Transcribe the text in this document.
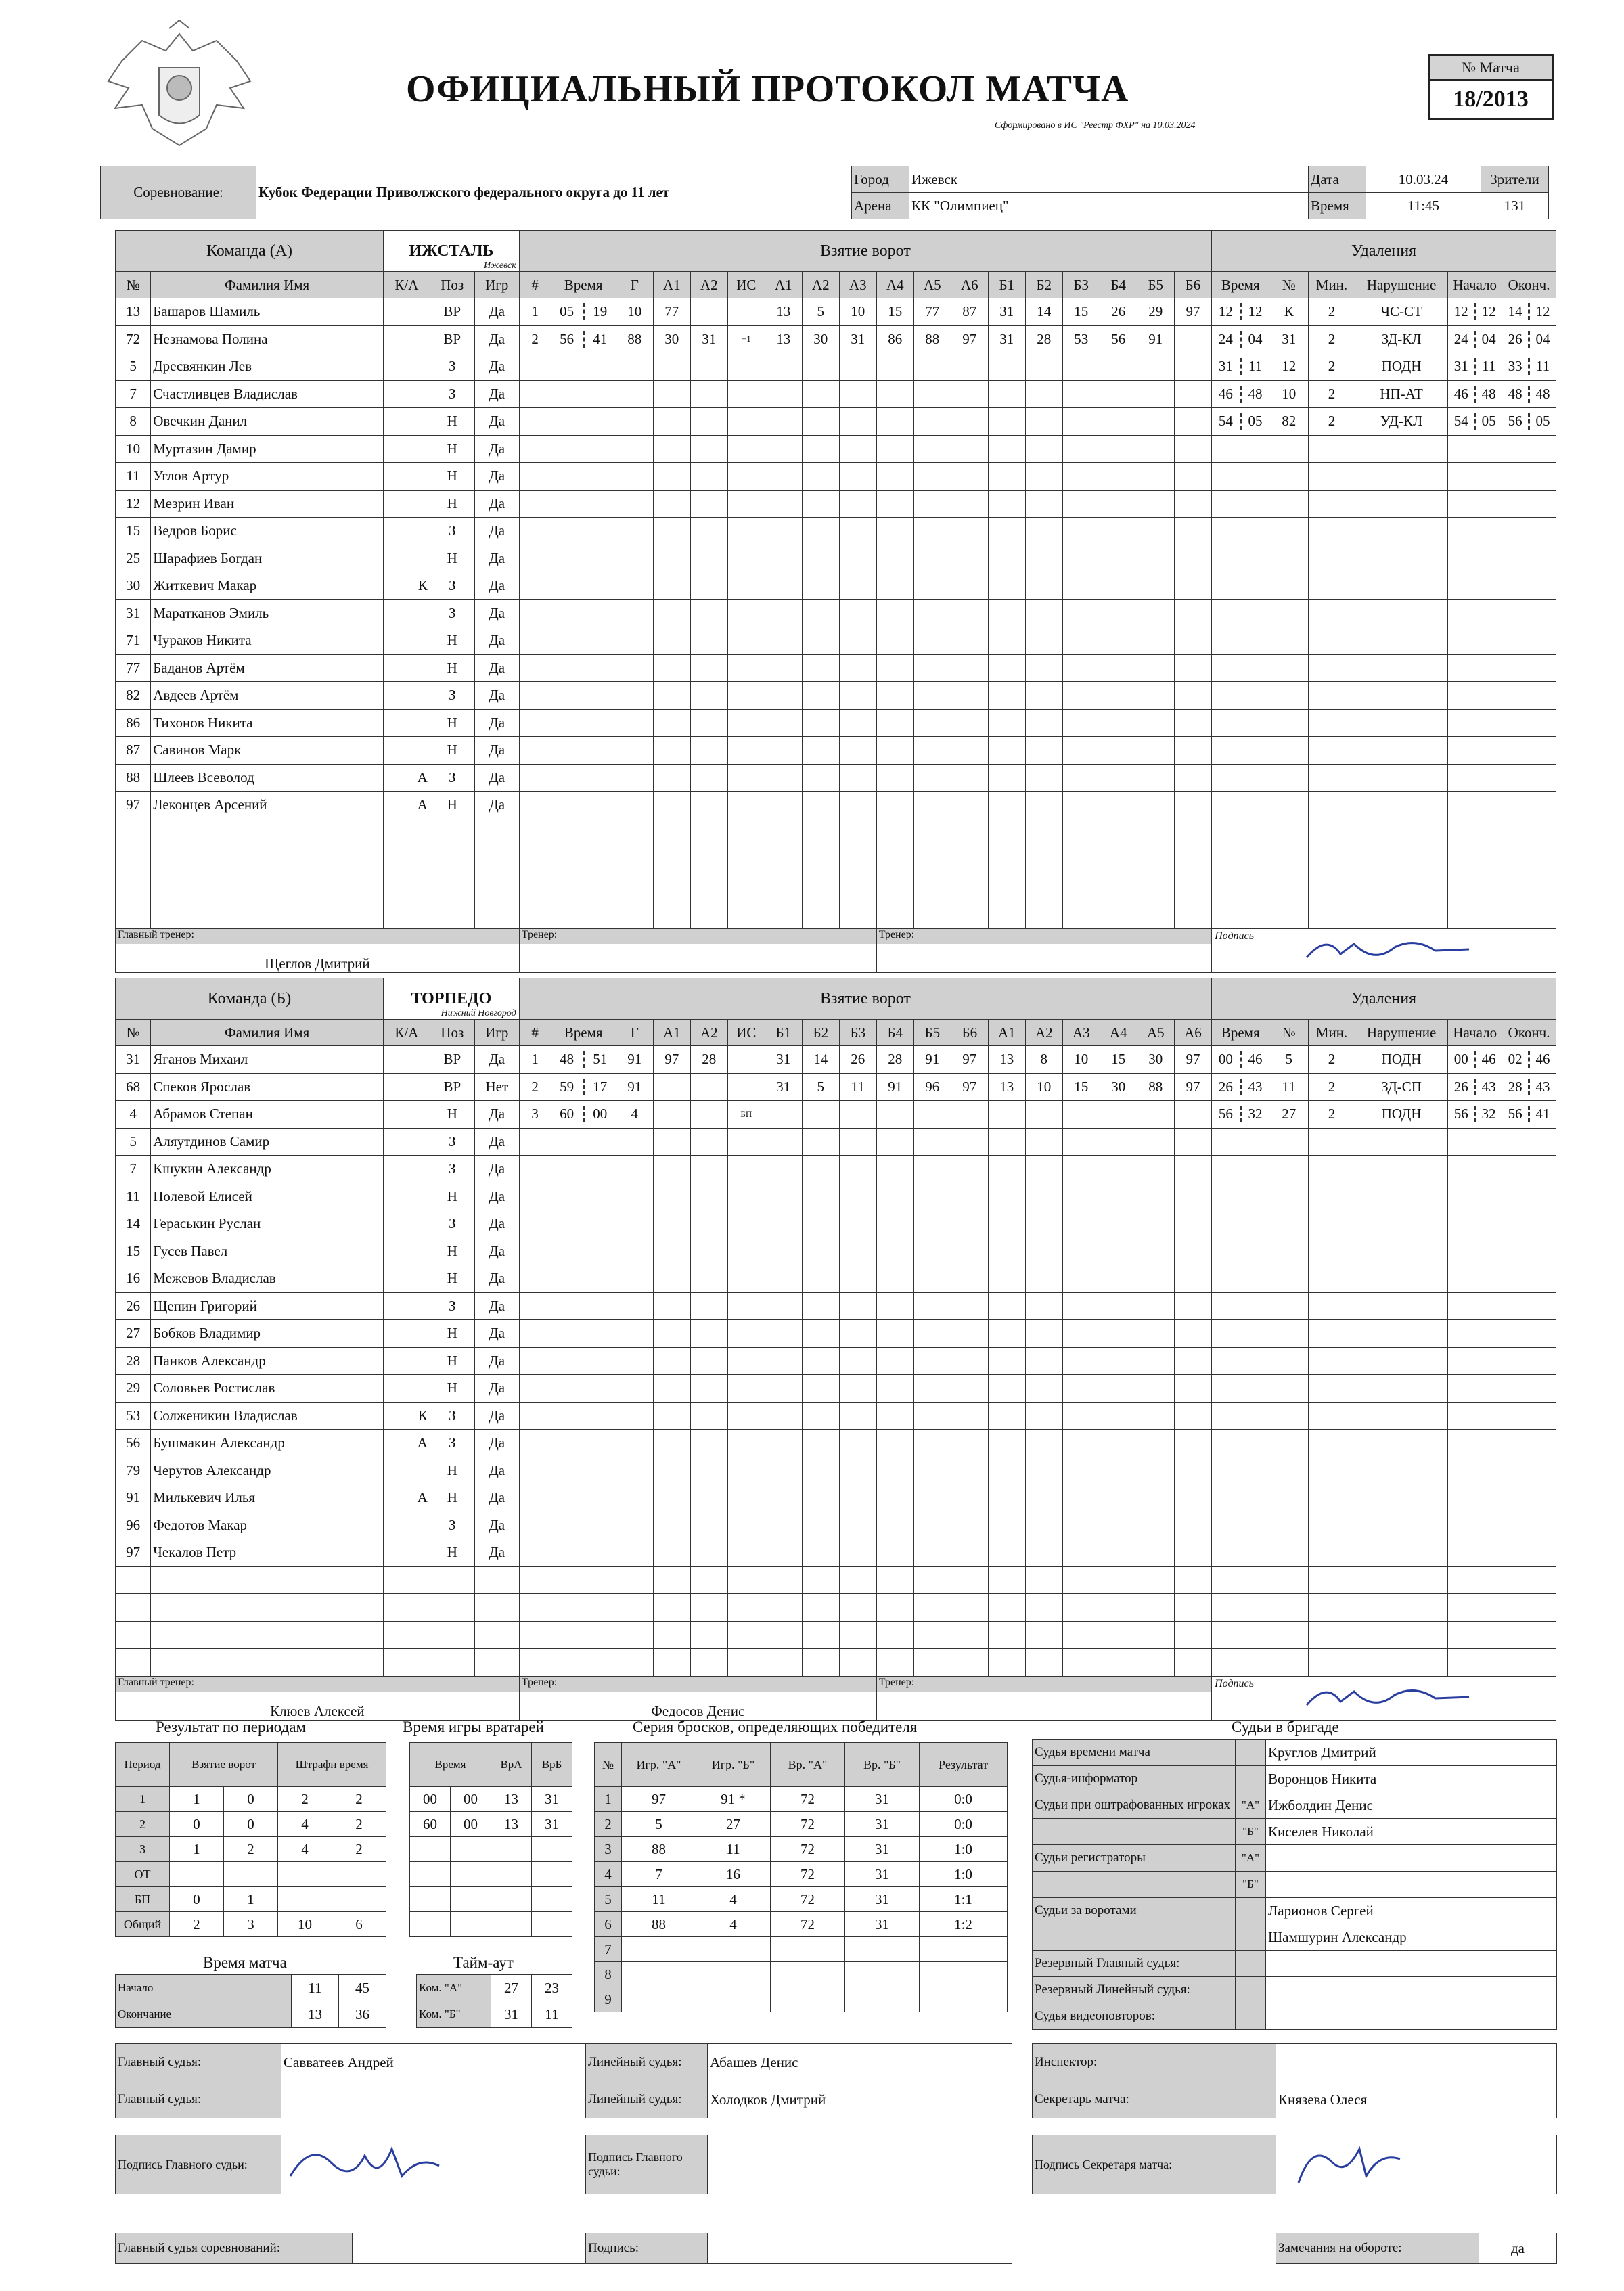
ОФИЦИАЛЬНЫЙ ПРОТОКОЛ МАТЧА
Сформировано в ИС "Реестр ФХР" на 10.03.2024
№ Матча
18/2013
Соревнование:	Кубок Федерации Приволжского федерального округа до 11 лет	Город	Ижевск	Дата	10.03.24	Зрители
		Арена	КК "Олимпиец"	Время	11:45	131
Команда (А)		ИЖСТАЛЬ
Ижевск			Взятие ворот																		Удаления					
№	Фамилия Имя	К/А	Поз	Игр	#	Время	Г	А1	А2	ИС	А1	А2	А3	А4	А5	А6	Б1	Б2	Б3	Б4	Б5	Б6	Время	№	Мин.	Нарушение	Начало	Оконч.
13	Башаров Шамиль		ВР	Да	1	05 19	10	77			13	5	10	15	77	87	31	14	15	26	29	97	12 12	К	2	ЧС-СТ	12 12	14 12

72	Незнамова Полина		ВР	Да	2	56 41	88	30	31	+1	13	30	31	86	88	97	31	28	53	56	91		24 04	31	2	ЗД-КЛ	24 04	26 04

5	Дресвянкин Лев		З	Да																			31 11	12	2	ПОДН	31 11	33 11

7	Счастливцев Владислав		З	Да																			46 48	10	2	НП-АТ	46 48	48 48

8	Овечкин Данил		Н	Да																			54 05	82	2	УД-КЛ	54 05	56 05

10	Муртазин Дамир		Н	Да		

11	Углов Артур		Н	Да		

12	Мезрин Иван		Н	Да		

15	Ведров Борис		З	Да		

25	Шарафиев Богдан		Н	Да		

30	Житкевич Макар	К	З	Да		

31	Маратканов Эмиль		З	Да		

71	Чураков Никита		Н	Да		

77	Баданов Артём		Н	Да		

82	Авдеев Артём		З	Да		

86	Тихонов Никита		Н	Да		

87	Савинов Марк		Н	Да		

88	Шлеев Всеволод	А	З	Да		

97	Леконцев Арсений	А	Н	Да		

Главный тренер:
Щеглов Дмитрий					Тренер:									Тренер:									Подпись					
Команда (Б)		ТОРПЕДО
Нижний Новгород			Взятие ворот																		Удаления					
№	Фамилия Имя	К/А	Поз	Игр	#	Время	Г	А1	А2	ИС	Б1	Б2	Б3	Б4	Б5	Б6	А1	А2	А3	А4	А5	А6	Время	№	Мин.	Нарушение	Начало	Оконч.
31	Яганов Михаил		ВР	Да	1	48 51	91	97	28		31	14	26	28	91	97	13	8	10	15	30	97	00 46	5	2	ПОДН	00 46	02 46

68	Спеков Ярослав		ВР	Нет	2	59 17	91				31	5	11	91	96	97	13	10	15	30	88	97	26 43	11	2	ЗД-СП	26 43	28 43

4	Абрамов Степан		Н	Да	3	60 00	4			БП													56 32	27	2	ПОДН	56 32	56 41

5	Аляутдинов Самир		З	Да		

7	Кшукин Александр		З	Да		

11	Полевой Елисей		Н	Да		

14	Гераськин Руслан		З	Да		

15	Гусев Павел		Н	Да		

16	Межевов Владислав		Н	Да		

26	Щепин Григорий		З	Да		

27	Бобков Владимир		Н	Да		

28	Панков Александр		Н	Да		

29	Соловьев Ростислав		Н	Да		

53	Солженикин Владислав	К	З	Да		

56	Бушмакин Александр	А	З	Да		

79	Черутов Александр		Н	Да		

91	Милькевич Илья	А	Н	Да		

96	Федотов Макар		З	Да		

97	Чекалов Петр		Н	Да		

Главный тренер:
Клюев Алексей					Тренер:
Федосов Денис									Тренер:									Подпись					
Результат по периодам
Период	Взятие ворот		Штрафн время	
1	1	0	2	2
2	0	0	4	2
3	1	2	4	2
ОТ				
БП	0	1		
Общий	2	3	10	6
Время игры вратарей
Время		ВрА	ВрБ
00	00	13	31
60	00	13	31

Время матча
Начало	11	45
Окончание	13	36
Тайм-аут
Ком. "А"	27	23
Ком. "Б"	31	11
Серия бросков, определяющих победителя
№	Игр. "А"	Игр. "Б"	Вр. "А"	Вр. "Б"	Результат
1	97	91 *	72	31	0:0
2	5	27	72	31	0:0
3	88	11	72	31	1:0
4	7	16	72	31	1:0
5	11	4	72	31	1:1
6	88	4	72	31	1:2
7					
8					
9					
Судьи в бригаде
Судья времени матча		Круглов Дмитрий
Судья-информатор		Воронцов Никита
Судьи при оштрафованных игроках	"А"	Ижболдин Денис
	"Б"	Киселев Николай
Судьи регистраторы	"А"	
	"Б"	
Судьи за воротами		Ларионов Сергей
		Шамшурин Александр
Резервный Главный судья:		
Резервный Линейный судья:		
Судья видеоповторов:		
Главный судья:	Савватеев Андрей	Линейный судья:	Абашев Денис
Главный судья:		Линейный судья:	Холодков Дмитрий
Инспектор:	
Секретарь матча:	Князева Олеся
Подпись Главного судьи:		Подпись Главного судьи:	
Подпись Секретаря матча:	
Главный судья соревнований:		Подпись:		Замечания на обороте:	да
